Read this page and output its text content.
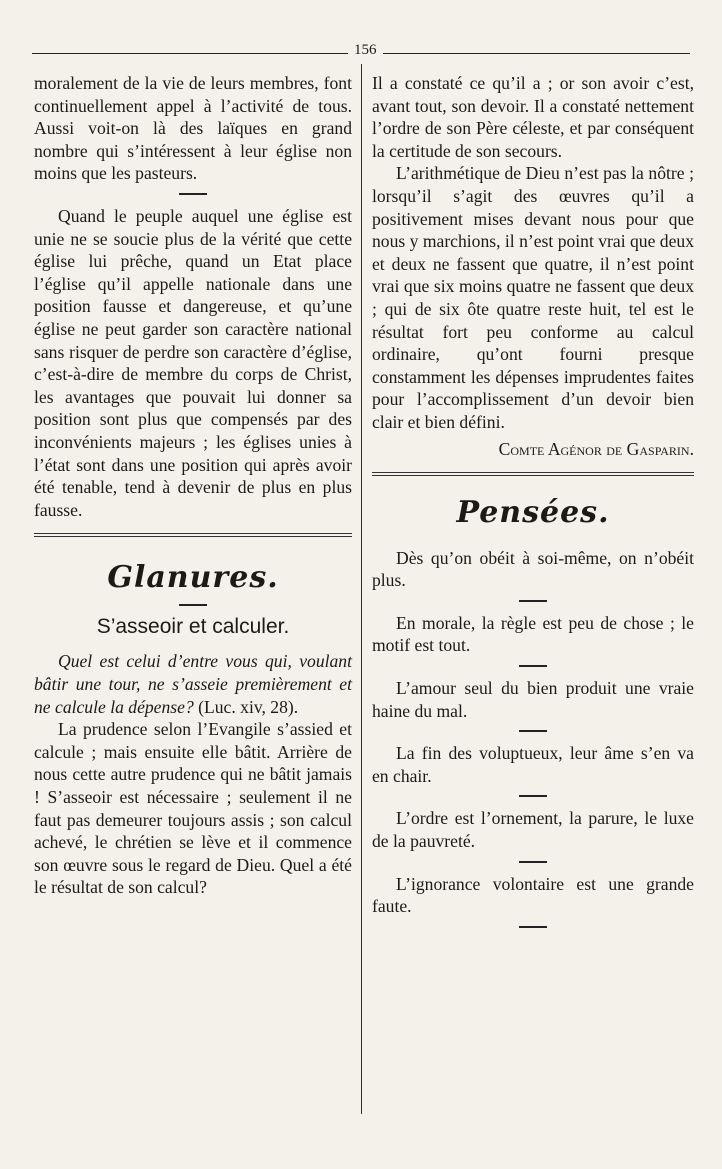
156

moralement de la vie de leurs membres, font continuellement appel à l’activité de tous. Aussi voit-on là des laïques en grand nombre qui s’intéressent à leur église non moins que les pasteurs.

Quand le peuple auquel une église est unie ne se soucie plus de la vérité que cette église lui prêche, quand un Etat place l’église qu’il appelle nationale dans une position fausse et dangereuse, et qu’une église ne peut garder son caractère national sans risquer de perdre son caractère d’église, c’est-à-dire de membre du corps de Christ, les avantages que pouvait lui donner sa position sont plus que compensés par des inconvénients majeurs ; les églises unies à l’état sont dans une position qui après avoir été tenable, tend à devenir de plus en plus fausse.

Glanures.
S’asseoir et calculer.

Quel est celui d’entre vous qui, voulant bâtir une tour, ne s’asseie premièrement et ne calcule la dépense? (Luc. xiv, 28).

La prudence selon l’Evangile s’assied et calcule ; mais ensuite elle bâtit. Arrière de nous cette autre prudence qui ne bâtit jamais ! S’asseoir est nécessaire ; seulement il ne faut pas demeurer toujours assis ; son calcul achevé, le chrétien se lève et il commence son œuvre sous le regard de Dieu. Quel a été le résultat de son calcul?

Il a constaté ce qu’il a ; or son avoir c’est, avant tout, son devoir. Il a constaté nettement l’ordre de son Père céleste, et par conséquent la certitude de son secours.

L’arithmétique de Dieu n’est pas la nôtre ; lorsqu’il s’agit des œuvres qu’il a positivement mises devant nous pour que nous y marchions, il n’est point vrai que deux et deux ne fassent que quatre, il n’est point vrai que six moins quatre ne fassent que deux ; qui de six ôte quatre reste huit, tel est le résultat fort peu conforme au calcul ordinaire, qu’ont fourni presque constamment les dépenses imprudentes faites pour l’accomplissement d’un devoir bien clair et bien défini.

Comte Agénor de Gasparin.
Pensées.

Dès qu’on obéit à soi-même, on n’obéit plus.

En morale, la règle est peu de chose ; le motif est tout.

L’amour seul du bien produit une vraie haine du mal.

La fin des voluptueux, leur âme s’en va en chair.

L’ordre est l’ornement, la parure, le luxe de la pauvreté.

L’ignorance volontaire est une grande faute.
